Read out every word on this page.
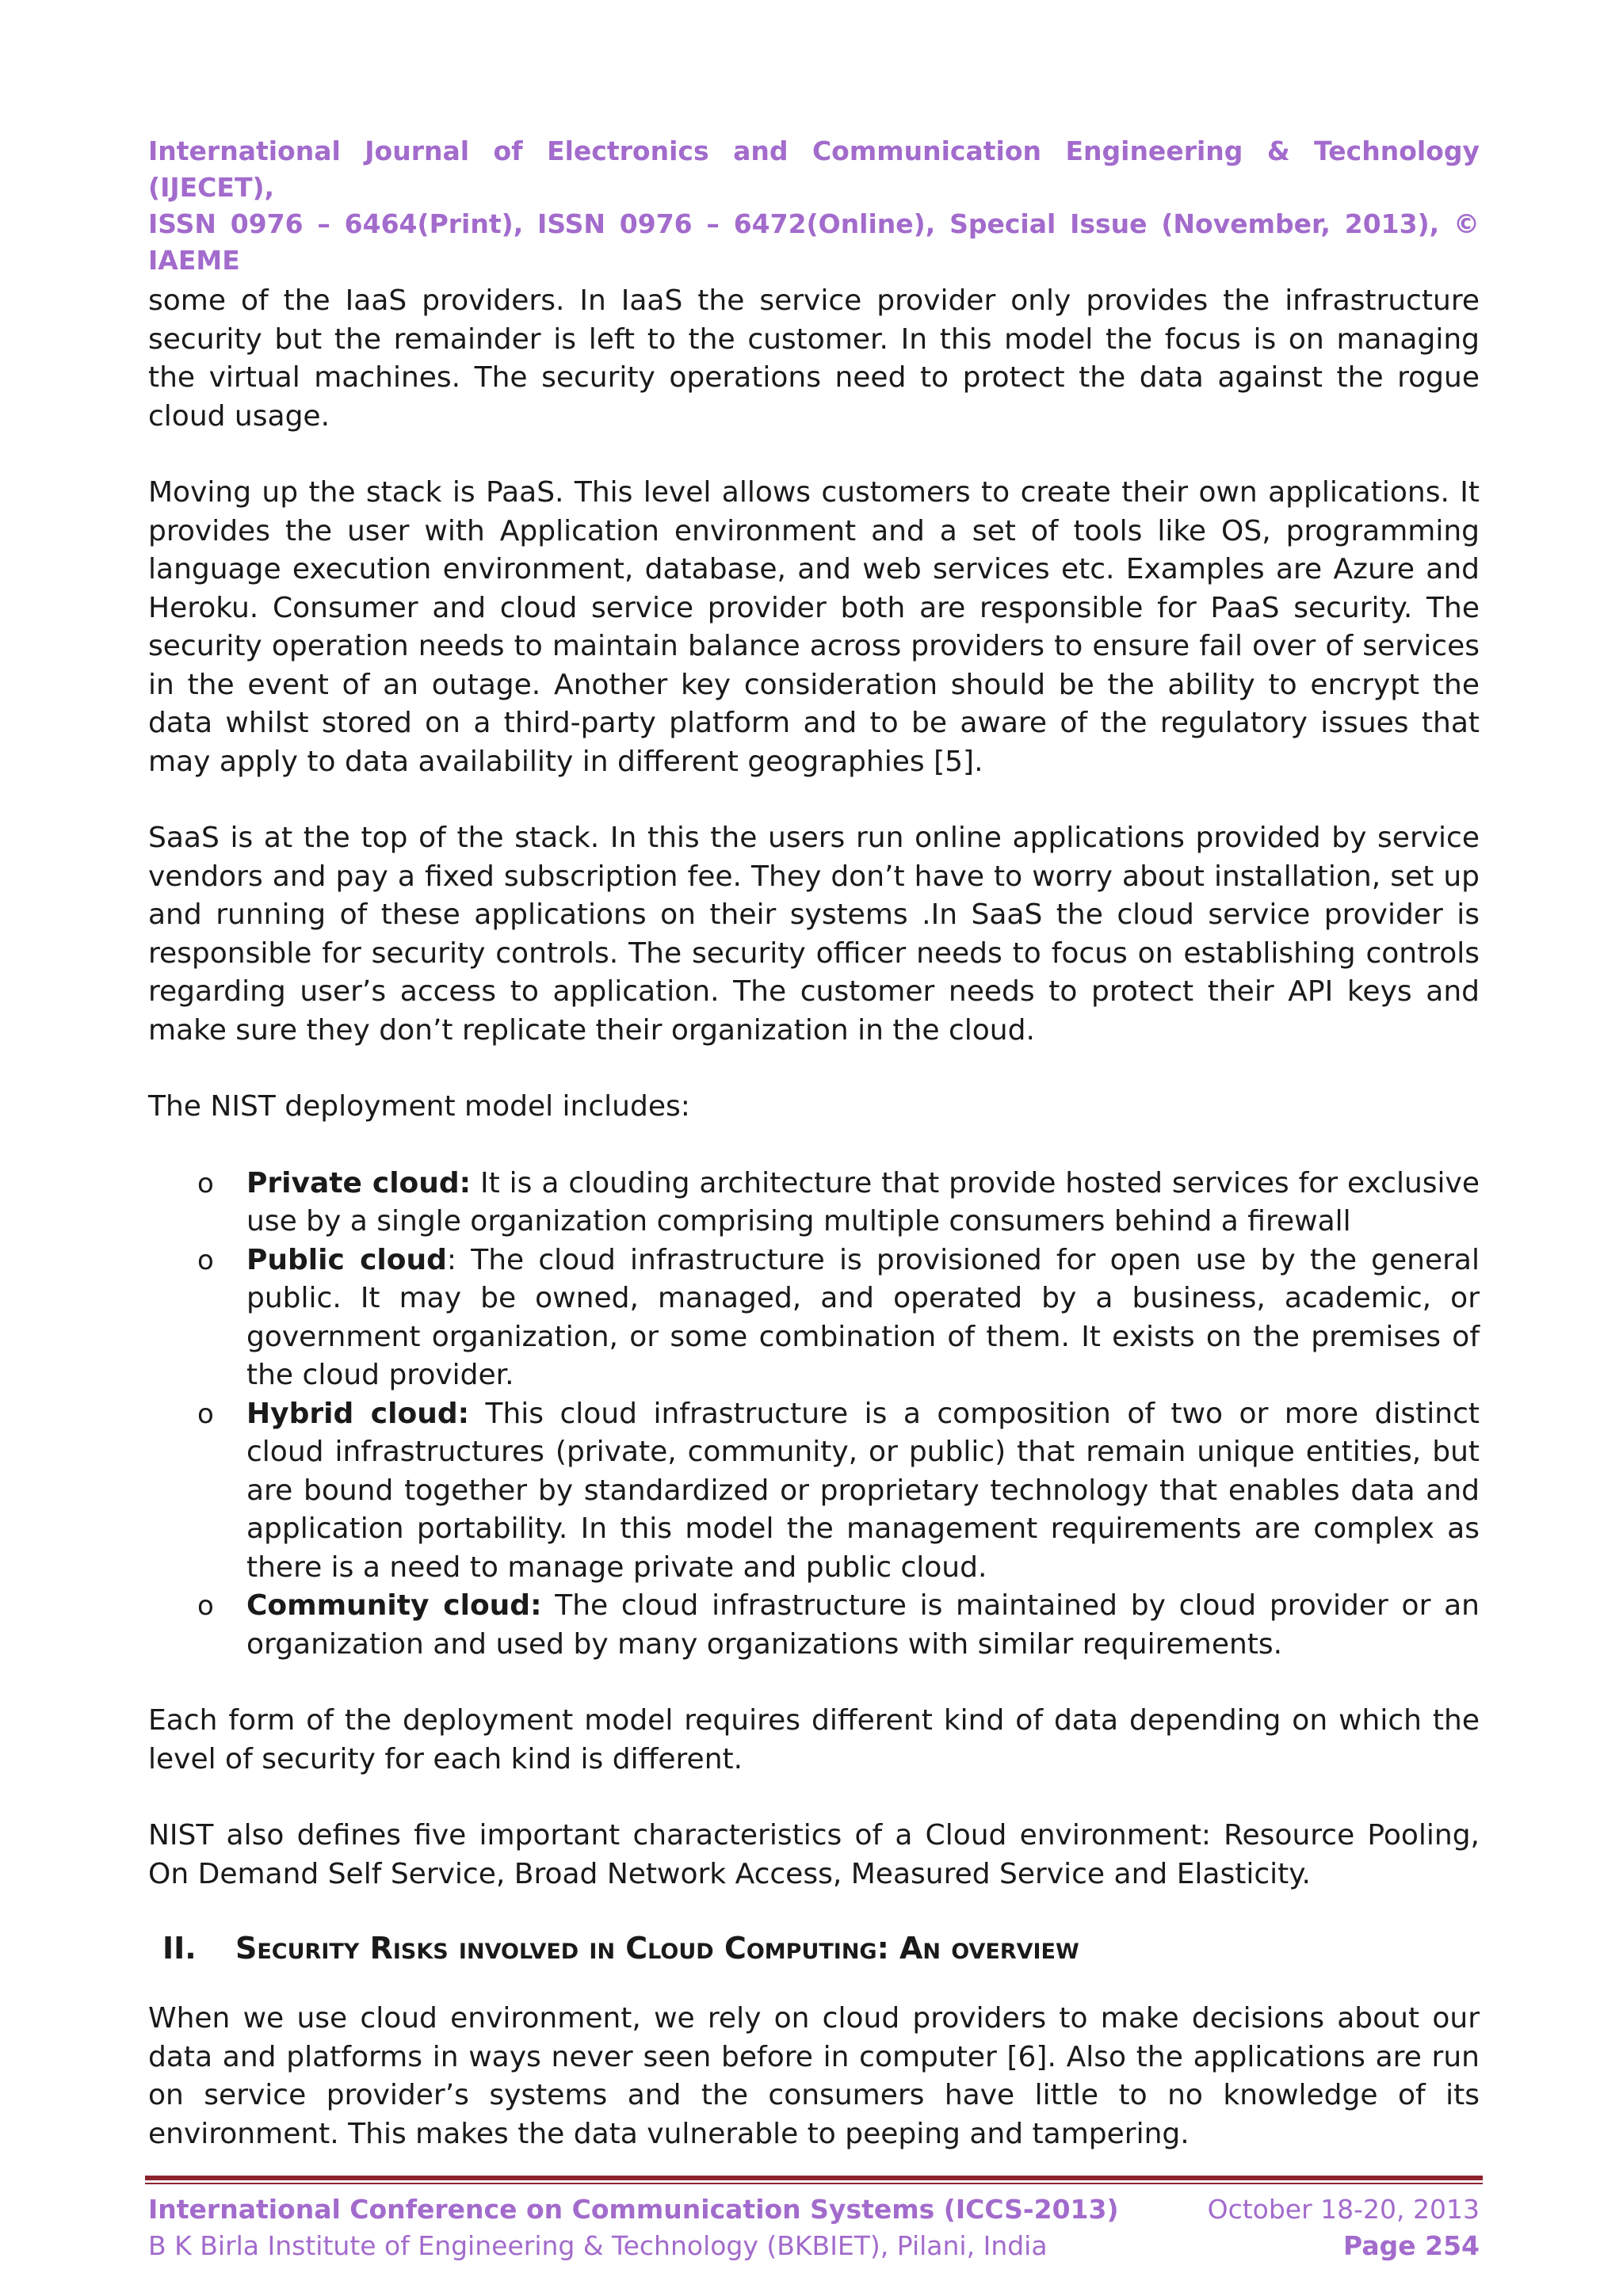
International Journal of Electronics and Communication Engineering & Technology (IJECET),
ISSN 0976 – 6464(Print), ISSN 0976 – 6472(Online), Special Issue (November, 2013), © IAEME

some of the IaaS providers. In IaaS the service provider only provides the infrastructure security but the remainder is left to the customer. In this model the focus is on managing the virtual machines. The security operations need to protect the data against the rogue cloud usage.

Moving up the stack is PaaS. This level allows customers to create their own applications. It provides the user with Application environment and a set of tools like OS, programming language execution environment, database, and web services etc. Examples are Azure and Heroku. Consumer and cloud service provider both are responsible for PaaS security. The security operation needs to maintain balance across providers to ensure fail over of services in the event of an outage. Another key consideration should be the ability to encrypt the data whilst stored on a third-party platform and to be aware of the regulatory issues that may apply to data availability in different geographies [5].

SaaS is at the top of the stack. In this the users run online applications provided by service vendors and pay a fixed subscription fee. They don’t have to worry about installation, set up and running of these applications on their systems .In SaaS the cloud service provider is responsible for security controls. The security officer needs to focus on establishing controls regarding user’s access to application. The customer needs to protect their API keys and make sure they don’t replicate their organization in the cloud.

The NIST deployment model includes:

o Private cloud: It is a clouding architecture that provide hosted services for exclusive use by a single organization comprising multiple consumers behind a firewall
o Public cloud: The cloud infrastructure is provisioned for open use by the general public. It may be owned, managed, and operated by a business, academic, or government organization, or some combination of them. It exists on the premises of the cloud provider.
o Hybrid cloud: This cloud infrastructure is a composition of two or more distinct cloud infrastructures (private, community, or public) that remain unique entities, but are bound together by standardized or proprietary technology that enables data and application portability. In this model the management requirements are complex as there is a need to manage private and public cloud.
o Community cloud: The cloud infrastructure is maintained by cloud provider or an organization and used by many organizations with similar requirements.

Each form of the deployment model requires different kind of data depending on which the level of security for each kind is different.

NIST also defines five important characteristics of a Cloud environment: Resource Pooling, On Demand Self Service, Broad Network Access, Measured Service and Elasticity.

II.	Security Risks involved in Cloud Computing: An overview

When we use cloud environment, we rely on cloud providers to make decisions about our data and platforms in ways never seen before in computer [6]. Also the applications are run on service provider’s systems and the consumers have little to no knowledge of its environment. This makes the data vulnerable to peeping and tampering.

International Conference on Communication Systems (ICCS-2013)	October 18-20, 2013
B K Birla Institute of Engineering & Technology (BKBIET), Pilani, India	Page 254
